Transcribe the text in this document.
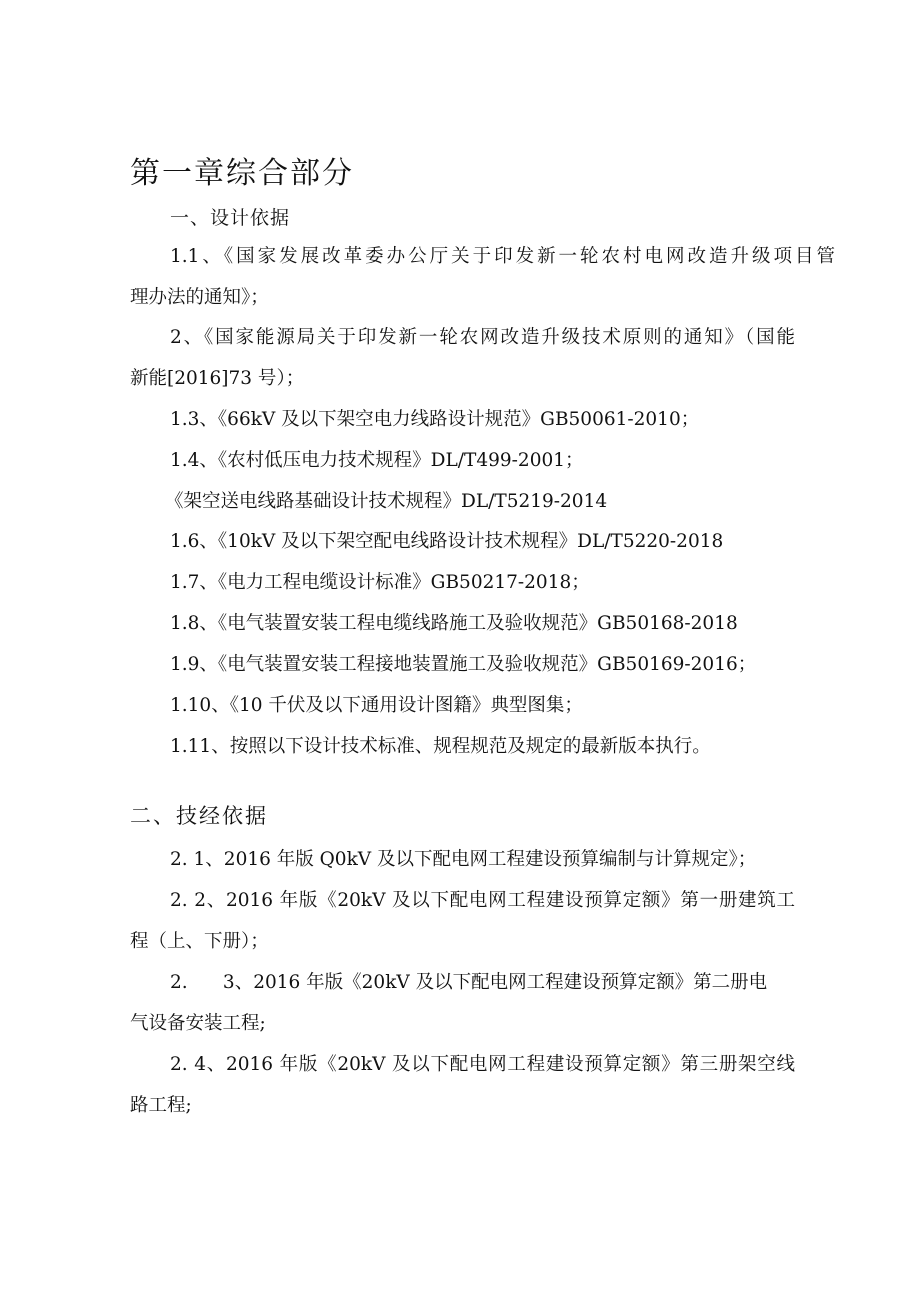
第一章综合部分
一、设计依据
1.1、《国家发展改革委办公厅关于印发新一轮农村电网改造升级项目管
理办法的通知》；
2、《国家能源局关于印发新一轮农网改造升级技术原则的通知》（国能
新能[2016]73 号）；
1.3、《66kV 及以下架空电力线路设计规范》GB50061-2010；
1.4、《农村低压电力技术规程》DL/T499-2001；
《架空送电线路基础设计技术规程》DL/T5219-2014
1.6、《10kV 及以下架空配电线路设计技术规程》DL/T5220-2018
1.7、《电力工程电缆设计标准》GB50217-2018；
1.8、《电气装置安装工程电缆线路施工及验收规范》GB50168-2018
1.9、《电气装置安装工程接地装置施工及验收规范》GB50169-2016；
1.10、《10 千伏及以下通用设计图籍》典型图集；
1.11、按照以下设计技术标准、规程规范及规定的最新版本执行。
二、技经依据
2. 1、2016 年版 Q0kV 及以下配电网工程建设预算编制与计算规定》；
2. 2、2016 年版《20kV 及以下配电网工程建设预算定额》第一册建筑工
程（上、下册）；
2.      3、2016 年版《20kV 及以下配电网工程建设预算定额》第二册电
气设备安装工程;
2. 4、2016 年版《20kV 及以下配电网工程建设预算定额》第三册架空线
路工程;
